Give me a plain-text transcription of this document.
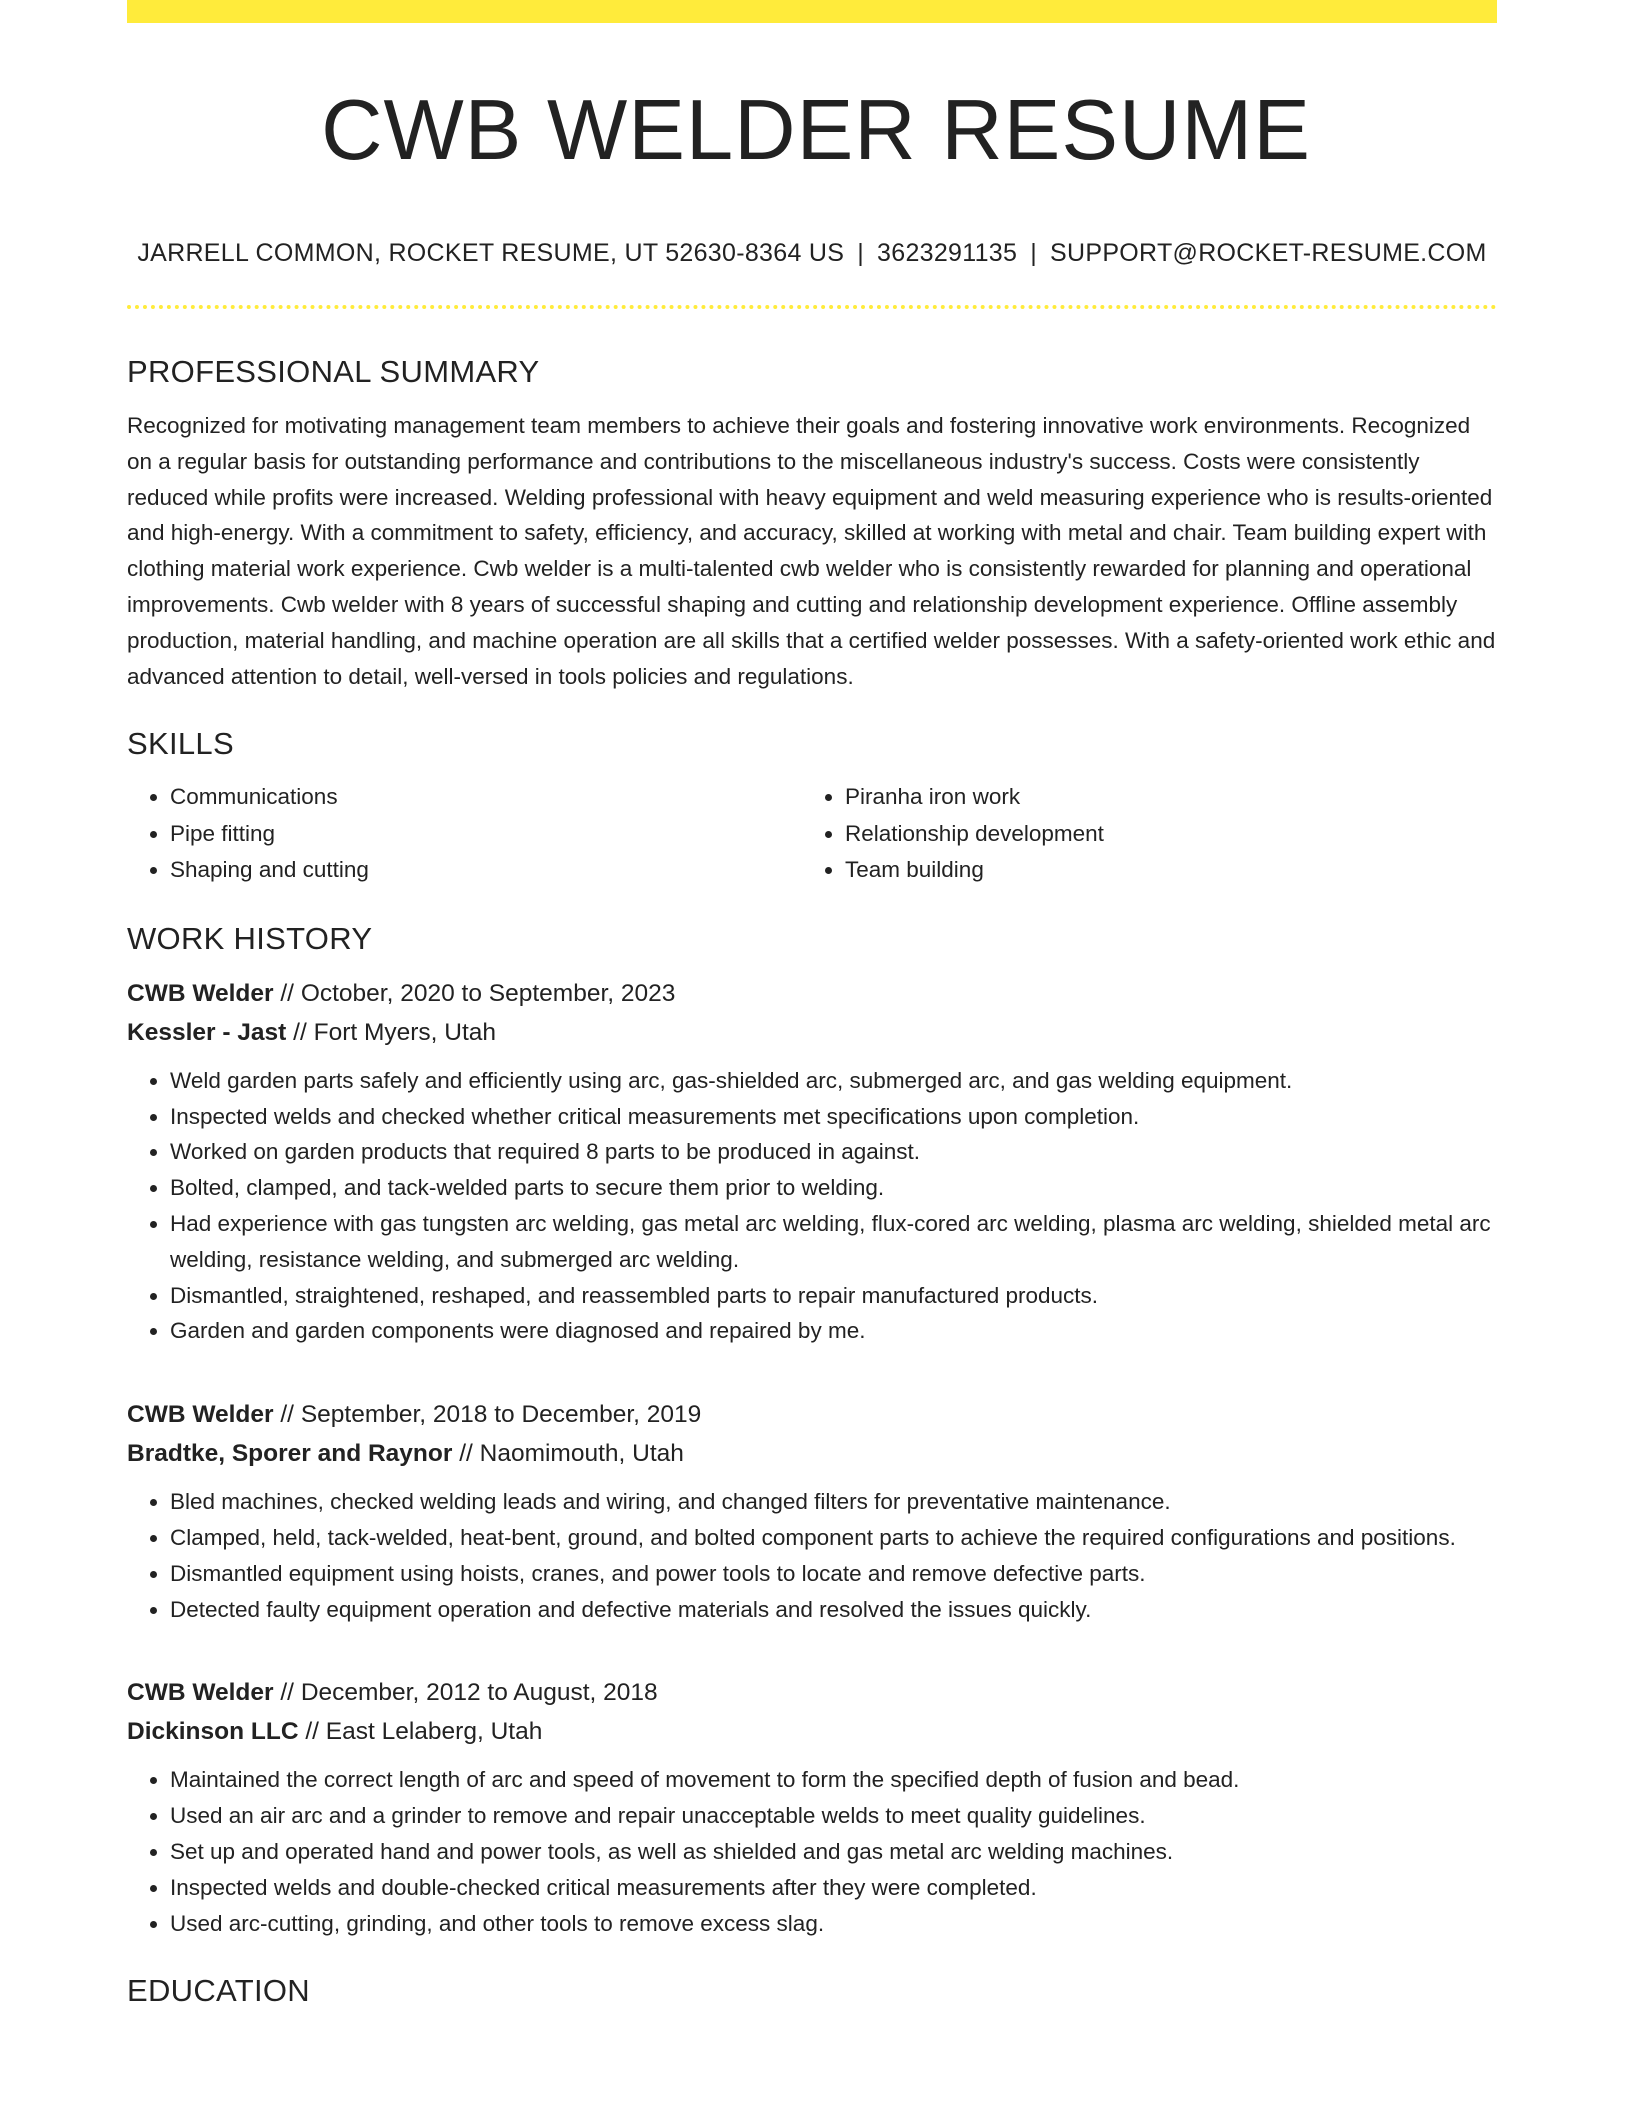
CWB WELDER RESUME
JARRELL COMMON, ROCKET RESUME, UT 52630-8364 US | 3623291135 | SUPPORT@ROCKET-RESUME.COM
PROFESSIONAL SUMMARY

Recognized for motivating management team members to achieve their goals and fostering innovative work environments. Recognized on a regular basis for outstanding performance and contributions to the miscellaneous industry's success. Costs were consistently reduced while profits were increased. Welding professional with heavy equipment and weld measuring experience who is results-oriented and high-energy. With a commitment to safety, efficiency, and accuracy, skilled at working with metal and chair. Team building expert with clothing material work experience. Cwb welder is a multi-talented cwb welder who is consistently rewarded for planning and operational improvements. Cwb welder with 8 years of successful shaping and cutting and relationship development experience. Offline assembly production, material handling, and machine operation are all skills that a certified welder possesses. With a safety-oriented work ethic and advanced attention to detail, well-versed in tools policies and regulations.

SKILLS
• Communications
• Pipe fitting
• Shaping and cutting
• Piranha iron work
• Relationship development
• Team building
WORK HISTORY
CWB Welder // October, 2020 to September, 2023
Kessler - Jast // Fort Myers, Utah
• Weld garden parts safely and efficiently using arc, gas-shielded arc, submerged arc, and gas welding equipment.
• Inspected welds and checked whether critical measurements met specifications upon completion.
• Worked on garden products that required 8 parts to be produced in against.
• Bolted, clamped, and tack-welded parts to secure them prior to welding.
• Had experience with gas tungsten arc welding, gas metal arc welding, flux-cored arc welding, plasma arc welding, shielded metal arc welding, resistance welding, and submerged arc welding.
• Dismantled, straightened, reshaped, and reassembled parts to repair manufactured products.
• Garden and garden components were diagnosed and repaired by me.
CWB Welder // September, 2018 to December, 2019
Bradtke, Sporer and Raynor // Naomimouth, Utah
• Bled machines, checked welding leads and wiring, and changed filters for preventative maintenance.
• Clamped, held, tack-welded, heat-bent, ground, and bolted component parts to achieve the required configurations and positions.
• Dismantled equipment using hoists, cranes, and power tools to locate and remove defective parts.
• Detected faulty equipment operation and defective materials and resolved the issues quickly.
CWB Welder // December, 2012 to August, 2018
Dickinson LLC // East Lelaberg, Utah
• Maintained the correct length of arc and speed of movement to form the specified depth of fusion and bead.
• Used an air arc and a grinder to remove and repair unacceptable welds to meet quality guidelines.
• Set up and operated hand and power tools, as well as shielded and gas metal arc welding machines.
• Inspected welds and double-checked critical measurements after they were completed.
• Used arc-cutting, grinding, and other tools to remove excess slag.
EDUCATION
